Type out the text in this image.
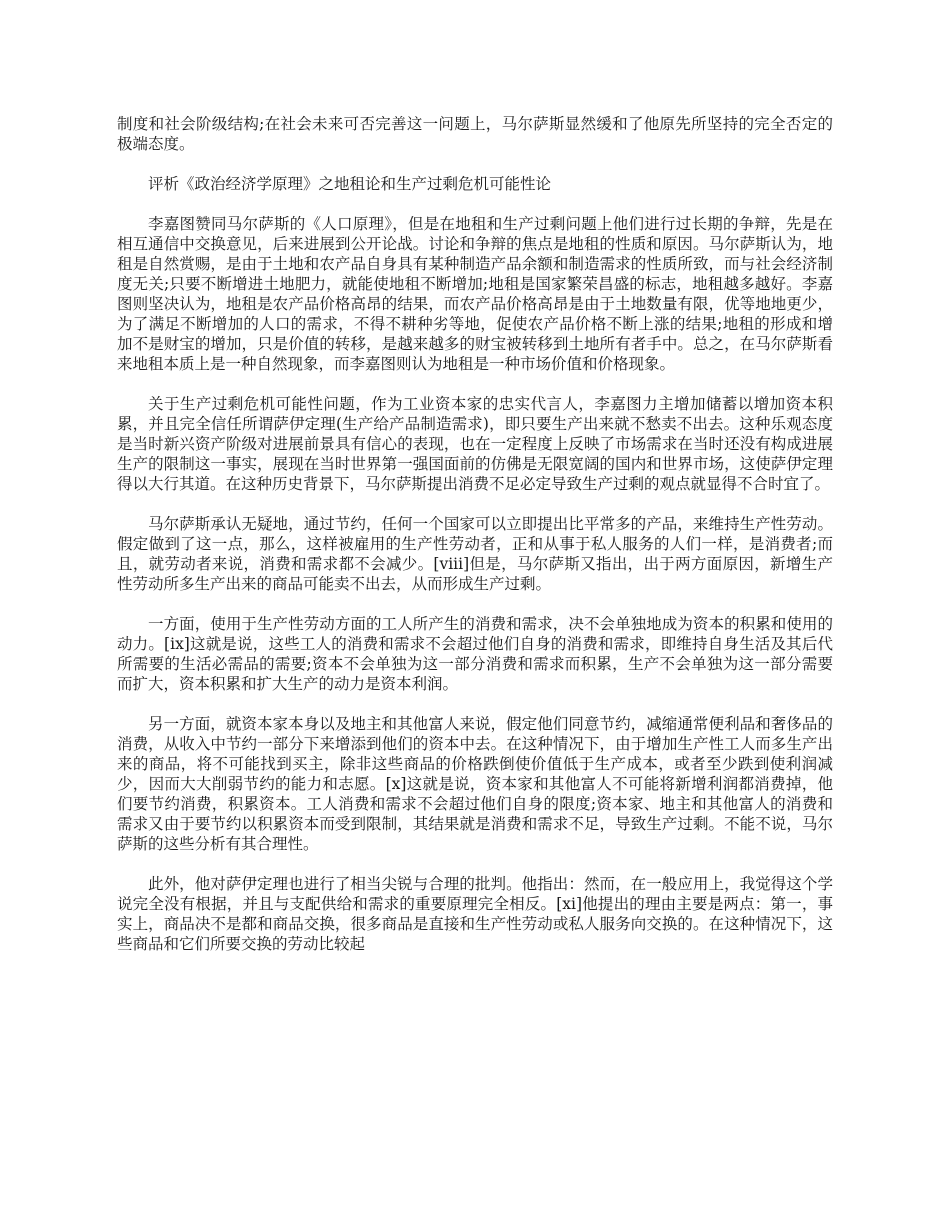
制度和社会阶级结构;在社会未来可否完善这一问题上，马尔萨斯显然缓和了他原先所坚持的完全否定的极端态度。

评析《政治经济学原理》之地租论和生产过剩危机可能性论

李嘉图赞同马尔萨斯的《人口原理》，但是在地租和生产过剩问题上他们进行过长期的争辩，先是在相互通信中交换意见，后来进展到公开论战。讨论和争辩的焦点是地租的性质和原因。马尔萨斯认为，地租是自然赏赐，是由于土地和农产品自身具有某种制造产品余额和制造需求的性质所致，而与社会经济制度无关;只要不断增进土地肥力，就能使地租不断增加;地租是国家繁荣昌盛的标志，地租越多越好。李嘉图则坚决认为，地租是农产品价格高昂的结果，而农产品价格高昂是由于土地数量有限，优等地地更少，为了满足不断增加的人口的需求，不得不耕种劣等地，促使农产品价格不断上涨的结果;地租的形成和增加不是财宝的增加，只是价值的转移，是越来越多的财宝被转移到土地所有者手中。总之，在马尔萨斯看来地租本质上是一种自然现象，而李嘉图则认为地租是一种市场价值和价格现象。

关于生产过剩危机可能性问题，作为工业资本家的忠实代言人，李嘉图力主增加储蓄以增加资本积累，并且完全信任所谓萨伊定理(生产给产品制造需求)，即只要生产出来就不愁卖不出去。这种乐观态度是当时新兴资产阶级对进展前景具有信心的表现，也在一定程度上反映了市场需求在当时还没有构成进展生产的限制这一事实，展现在当时世界第一强国面前的仿佛是无限宽阔的国内和世界市场，这使萨伊定理得以大行其道。在这种历史背景下，马尔萨斯提出消费不足必定导致生产过剩的观点就显得不合时宜了。

马尔萨斯承认无疑地，通过节约，任何一个国家可以立即提出比平常多的产品，来维持生产性劳动。假定做到了这一点，那么，这样被雇用的生产性劳动者，正和从事于私人服务的人们一样，是消费者;而且，就劳动者来说，消费和需求都不会减少。[viii]但是，马尔萨斯又指出，出于两方面原因，新增生产性劳动所多生产出来的商品可能卖不出去，从而形成生产过剩。

一方面，使用于生产性劳动方面的工人所产生的消费和需求，决不会单独地成为资本的积累和使用的动力。[ix]这就是说，这些工人的消费和需求不会超过他们自身的消费和需求，即维持自身生活及其后代所需要的生活必需品的需要;资本不会单独为这一部分消费和需求而积累，生产不会单独为这一部分需要而扩大，资本积累和扩大生产的动力是资本利润。

另一方面，就资本家本身以及地主和其他富人来说，假定他们同意节约，减缩通常便利品和奢侈品的消费，从收入中节约一部分下来增添到他们的资本中去。在这种情况下，由于增加生产性工人而多生产出来的商品，将不可能找到买主，除非这些商品的价格跌倒使价值低于生产成本，或者至少跌到使利润减少，因而大大削弱节约的能力和志愿。[x]这就是说，资本家和其他富人不可能将新增利润都消费掉，他们要节约消费，积累资本。工人消费和需求不会超过他们自身的限度;资本家、地主和其他富人的消费和需求又由于要节约以积累资本而受到限制，其结果就是消费和需求不足，导致生产过剩。不能不说，马尔萨斯的这些分析有其合理性。

此外，他对萨伊定理也进行了相当尖锐与合理的批判。他指出：然而，在一般应用上，我觉得这个学说完全没有根据，并且与支配供给和需求的重要原理完全相反。[xi]他提出的理由主要是两点：第一，事实上，商品决不是都和商品交换，很多商品是直接和生产性劳动或私人服务向交换的。在这种情况下，这些商品和它们所要交换的劳动比较起
